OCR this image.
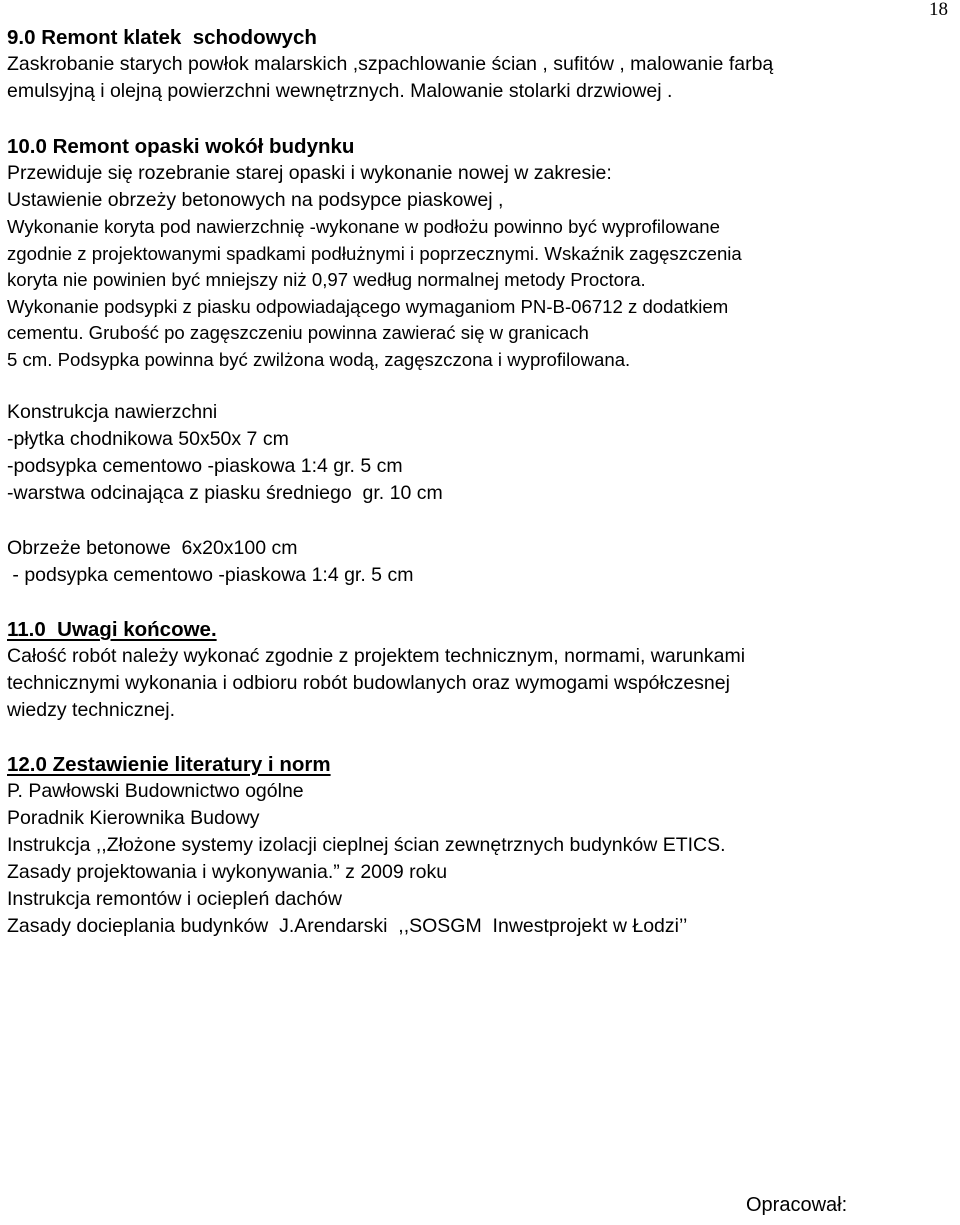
18
9.0 Remont klatek  schodowych
Zaskrobanie starych powłok malarskich ,szpachlowanie ścian , sufitów , malowanie farbą
emulsyjną i olejną powierzchni wewnętrznych. Malowanie stolarki drzwiowej .
10.0 Remont opaski wokół budynku
Przewiduje się rozebranie starej opaski i wykonanie nowej w zakresie:
Ustawienie obrzeży betonowych na podsypce piaskowej ,
Wykonanie koryta pod nawierzchnię -wykonane w podłożu powinno być wyprofilowane
zgodnie z projektowanymi spadkami podłużnymi i poprzecznymi. Wskaźnik zagęszczenia
koryta nie powinien być mniejszy niż 0,97 według normalnej metody Proctora.
Wykonanie podsypki z piasku odpowiadającego wymaganiom PN-B-06712 z dodatkiem
cementu. Grubość po zagęszczeniu powinna zawierać się w granicach
5 cm. Podsypka powinna być zwilżona wodą, zagęszczona i wyprofilowana.
Konstrukcja nawierzchni
-płytka chodnikowa 50x50x 7 cm
-podsypka cementowo -piaskowa 1:4 gr. 5 cm
-warstwa odcinająca z piasku średniego  gr. 10 cm
Obrzeże betonowe  6x20x100 cm
- podsypka cementowo -piaskowa 1:4 gr. 5 cm
11.0  Uwagi końcowe.
Całość robót należy wykonać zgodnie z projektem technicznym, normami, warunkami
technicznymi wykonania i odbioru robót budowlanych oraz wymogami współczesnej
wiedzy technicznej.
12.0 Zestawienie literatury i norm
P. Pawłowski Budownictwo ogólne
Poradnik Kierownika Budowy
Instrukcja ,,Złożone systemy izolacji cieplnej ścian zewnętrznych budynków ETICS.
Zasady projektowania i wykonywania.” z 2009 roku
Instrukcja remontów i ociepleń dachów
Zasady docieplania budynków  J.Arendarski  ,,SOSGM  Inwestprojekt w Łodzi’’
Opracował:
